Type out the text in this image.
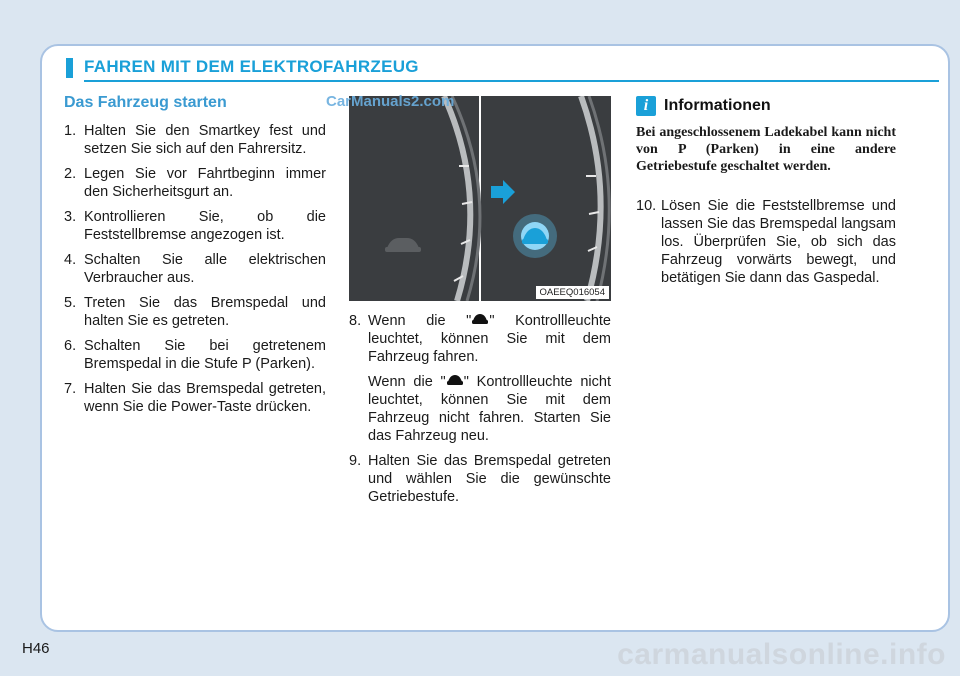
FAHREN MIT DEM ELEKTROFAHRZEUG
Das Fahrzeug starten
1. Halten Sie den Smartkey fest und setzen Sie sich auf den Fahrersitz.
2. Legen Sie vor Fahrtbeginn immer den Sicherheitsgurt an.
3. Kontrollieren Sie, ob die Feststellbremse angezogen ist.
4. Schalten Sie alle elektrischen Verbraucher aus.
5. Treten Sie das Bremspedal und halten Sie es getreten.
6. Schalten Sie bei getretenem Bremspedal in die Stufe P (Parken).
7. Halten Sie das Bremspedal getreten, wenn Sie die Power-Taste drücken.
OAEEQ016054
CarManuals2.com
8. Wenn die " " Kontrollleuchte leuchtet, können Sie mit dem Fahrzeug fahren.
Wenn die " " Kontrollleuchte nicht leuchtet, können Sie mit dem Fahrzeug nicht fahren. Starten Sie das Fahrzeug neu.
9. Halten Sie das Bremspedal getreten und wählen Sie die gewünschte Getriebestufe.
i Informationen
Bei angeschlossenem Ladekabel kann nicht von P (Parken) in eine andere Getriebestufe geschaltet werden.
10. Lösen Sie die Feststellbremse und lassen Sie das Bremspedal langsam los. Überprüfen Sie, ob sich das Fahrzeug vorwärts bewegt, und betätigen Sie dann das Gaspedal.
H46	carmanualsonline.info
